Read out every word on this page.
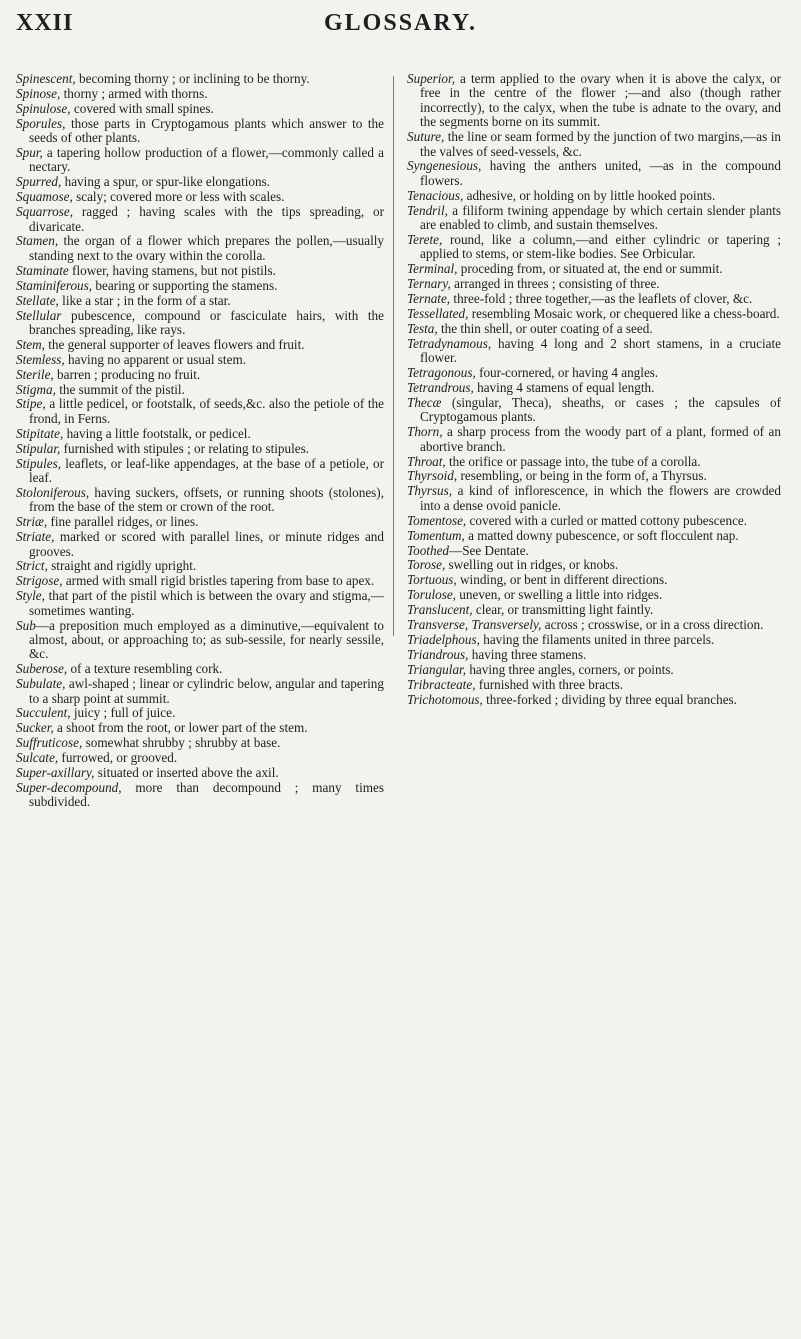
XXII	GLOSSARY.

Spinescent, becoming thorny ; or inclining to be thorny.

Spinose, thorny ; armed with thorns.

Spinulose, covered with small spines.

Sporules, those parts in Cryptogamous plants which answer to the seeds of other plants.

Spur, a tapering hollow production of a flower,—commonly called a nectary.

Spurred, having a spur, or spur-like elongations.

Squamose, scaly; covered more or less with scales.

Squarrose, ragged ; having scales with the tips spreading, or divaricate.

Stamen, the organ of a flower which prepares the pollen,—usually standing next to the ovary within the corolla.

Staminate flower, having stamens, but not pistils.

Staminiferous, bearing or supporting the stamens.

Stellate, like a star ; in the form of a star.

Stellular pubescence, compound or fasciculate hairs, with the branches spreading, like rays.

Stem, the general supporter of leaves flowers and fruit.

Stemless, having no apparent or usual stem.

Sterile, barren ; producing no fruit.

Stigma, the summit of the pistil.

Stipe, a little pedicel, or footstalk, of seeds,&c. also the petiole of the frond, in Ferns.

Stipitate, having a little footstalk, or pedicel.

Stipular, furnished with stipules ; or relating to stipules.

Stipules, leaflets, or leaf-like appendages, at the base of a petiole, or leaf.

Stoloniferous, having suckers, offsets, or running shoots (stolones), from the base of the stem or crown of the root.

Striæ, fine parallel ridges, or lines.

Striate, marked or scored with parallel lines, or minute ridges and grooves.

Strict, straight and rigidly upright.

Strigose, armed with small rigid bristles tapering from base to apex.

Style, that part of the pistil which is between the ovary and stigma,—sometimes wanting.

Sub—a preposition much employed as a diminutive,—equivalent to almost, about, or approaching to; as sub-sessile, for nearly sessile, &c.

Suberose, of a texture resembling cork.

Subulate, awl-shaped ; linear or cylindric below, angular and tapering to a sharp point at summit.

Succulent, juicy ; full of juice.

Sucker, a shoot from the root, or lower part of the stem.

Suffruticose, somewhat shrubby ; shrubby at base.

Sulcate, furrowed, or grooved.

Super-axillary, situated or inserted above the axil.

Super-decompound, more than decompound ; many times subdivided.

Superior, a term applied to the ovary when it is above the calyx, or free in the centre of the flower ;—and also (though rather incorrectly), to the calyx, when the tube is adnate to the ovary, and the segments borne on its summit.

Suture, the line or seam formed by the junction of two margins,—as in the valves of seed-vessels, &c.

Syngenesious, having the anthers united, —as in the compound flowers.

Tenacious, adhesive, or holding on by little hooked points.

Tendril, a filiform twining appendage by which certain slender plants are enabled to climb, and sustain themselves.

Terete, round, like a column,—and either cylindric or tapering ; applied to stems, or stem-like bodies. See Orbicular.

Terminal, proceding from, or situated at, the end or summit.

Ternary, arranged in threes ; consisting of three.

Ternate, three-fold ; three together,—as the leaflets of clover, &c.

Tessellated, resembling Mosaic work, or chequered like a chess-board.

Testa, the thin shell, or outer coating of a seed.

Tetradynamous, having 4 long and 2 short stamens, in a cruciate flower.

Tetragonous, four-cornered, or having 4 angles.

Tetrandrous, having 4 stamens of equal length.

Thecæ (singular, Theca), sheaths, or cases ; the capsules of Cryptogamous plants.

Thorn, a sharp process from the woody part of a plant, formed of an abortive branch.

Throat, the orifice or passage into, the tube of a corolla.

Thyrsoid, resembling, or being in the form of, a Thyrsus.

Thyrsus, a kind of inflorescence, in which the flowers are crowded into a dense ovoid panicle.

Tomentose, covered with a curled or matted cottony pubescence.

Tomentum, a matted downy pubescence, or soft flocculent nap.

Toothed—See Dentate.

Torose, swelling out in ridges, or knobs.

Tortuous, winding, or bent in different directions.

Torulose, uneven, or swelling a little into ridges.

Translucent, clear, or transmitting light faintly.

Transverse, Transversely, across ; crosswise, or in a cross direction.

Triadelphous, having the filaments united in three parcels.

Triandrous, having three stamens.

Triangular, having three angles, corners, or points.

Tribracteate, furnished with three bracts.

Trichotomous, three-forked ; dividing by three equal branches.
